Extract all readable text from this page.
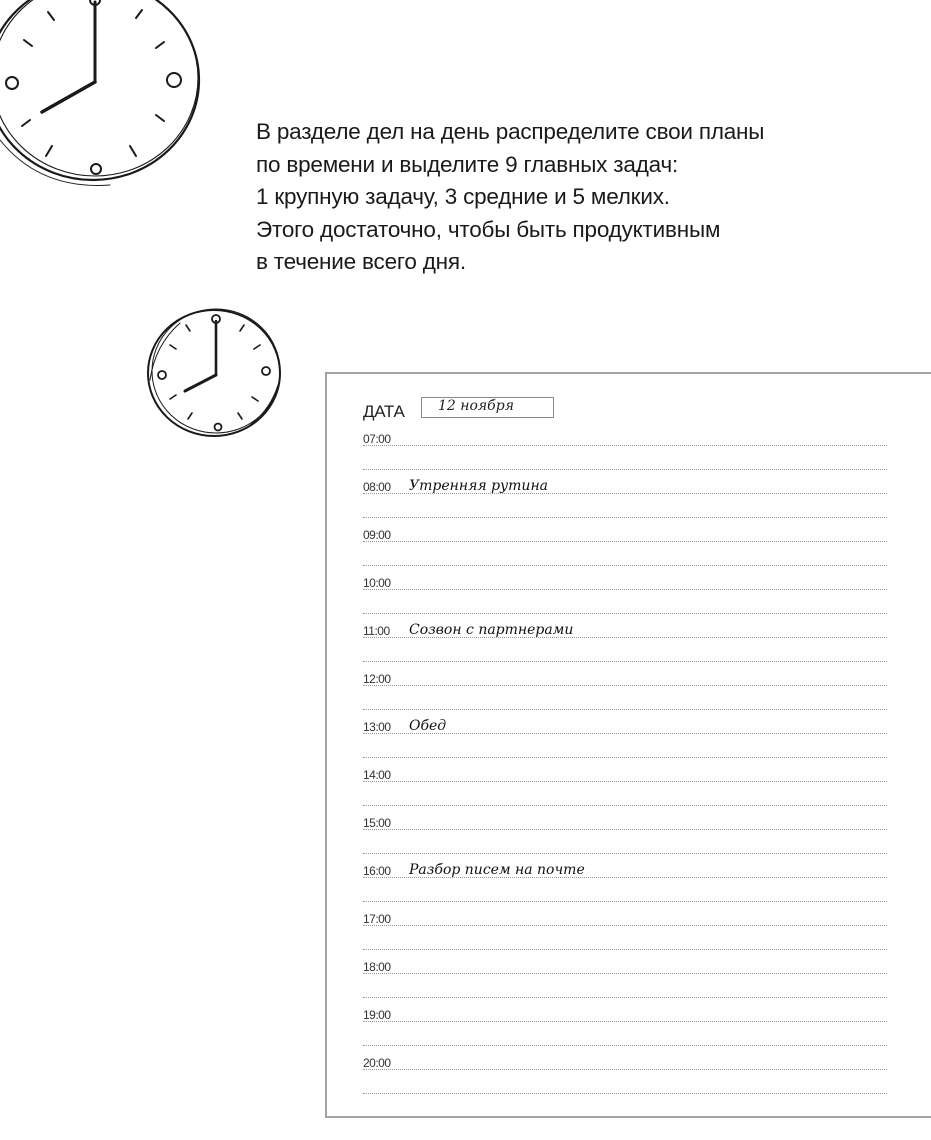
В разделе дел на день распределите свои планы
по времени и выделите 9 главных задач:
1 крупную задачу, 3 средние и 5 мелких.
Этого достаточно, чтобы быть продуктивным
в течение всего дня.
ДАТА 12 ноября
07:00
08:00 Утренняя рутина
09:00
10:00
11:00 Созвон с партнерами
12:00
13:00 Обед
14:00
15:00
16:00 Разбор писем на почте
17:00
18:00
19:00
20:00
